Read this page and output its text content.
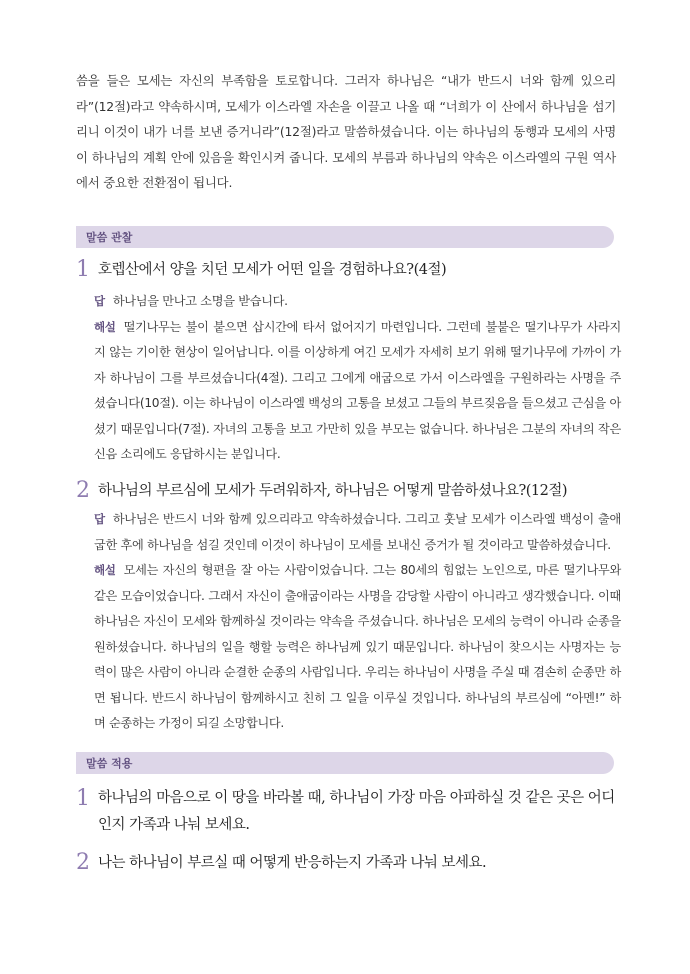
씀을 들은 모세는 자신의 부족함을 토로합니다. 그러자 하나님은 “내가 반드시 너와 함께 있으리라”(12절)라고 약속하시며, 모세가 이스라엘 자손을 이끌고 나올 때 “너희가 이 산에서 하나님을 섬기리니 이것이 내가 너를 보낸 증거니라”(12절)라고 말씀하셨습니다. 이는 하나님의 동행과 모세의 사명이 하나님의 계획 안에 있음을 확인시켜 줍니다. 모세의 부름과 하나님의 약속은 이스라엘의 구원 역사에서 중요한 전환점이 됩니다.

말씀 관찰
1 호렙산에서 양을 치던 모세가 어떤 일을 경험하나요?(4절)

답 하나님을 만나고 소명을 받습니다.

해설 떨기나무는 불이 붙으면 삽시간에 타서 없어지기 마련입니다. 그런데 불붙은 떨기나무가 사라지지 않는 기이한 현상이 일어납니다. 이를 이상하게 여긴 모세가 자세히 보기 위해 떨기나무에 가까이 가자 하나님이 그를 부르셨습니다(4절). 그리고 그에게 애굽으로 가서 이스라엘을 구원하라는 사명을 주셨습니다(10절). 이는 하나님이 이스라엘 백성의 고통을 보셨고 그들의 부르짖음을 들으셨고 근심을 아셨기 때문입니다(7절). 자녀의 고통을 보고 가만히 있을 부모는 없습니다. 하나님은 그분의 자녀의 작은 신음 소리에도 응답하시는 분입니다.

2 하나님의 부르심에 모세가 두려워하자, 하나님은 어떻게 말씀하셨나요?(12절)

답 하나님은 반드시 너와 함께 있으리라고 약속하셨습니다. 그리고 훗날 모세가 이스라엘 백성이 출애굽한 후에 하나님을 섬길 것인데 이것이 하나님이 모세를 보내신 증거가 될 것이라고 말씀하셨습니다.

해설 모세는 자신의 형편을 잘 아는 사람이었습니다. 그는 80세의 힘없는 노인으로, 마른 떨기나무와 같은 모습이었습니다. 그래서 자신이 출애굽이라는 사명을 감당할 사람이 아니라고 생각했습니다. 이때 하나님은 자신이 모세와 함께하실 것이라는 약속을 주셨습니다. 하나님은 모세의 능력이 아니라 순종을 원하셨습니다. 하나님의 일을 행할 능력은 하나님께 있기 때문입니다. 하나님이 찾으시는 사명자는 능력이 많은 사람이 아니라 순결한 순종의 사람입니다. 우리는 하나님이 사명을 주실 때 겸손히 순종만 하면 됩니다. 반드시 하나님이 함께하시고 친히 그 일을 이루실 것입니다. 하나님의 부르심에 “아멘!” 하며 순종하는 가정이 되길 소망합니다.

말씀 적용
1 하나님의 마음으로 이 땅을 바라볼 때, 하나님이 가장 마음 아파하실 것 같은 곳은 어디인지 가족과 나눠 보세요.
2 나는 하나님이 부르실 때 어떻게 반응하는지 가족과 나눠 보세요.
